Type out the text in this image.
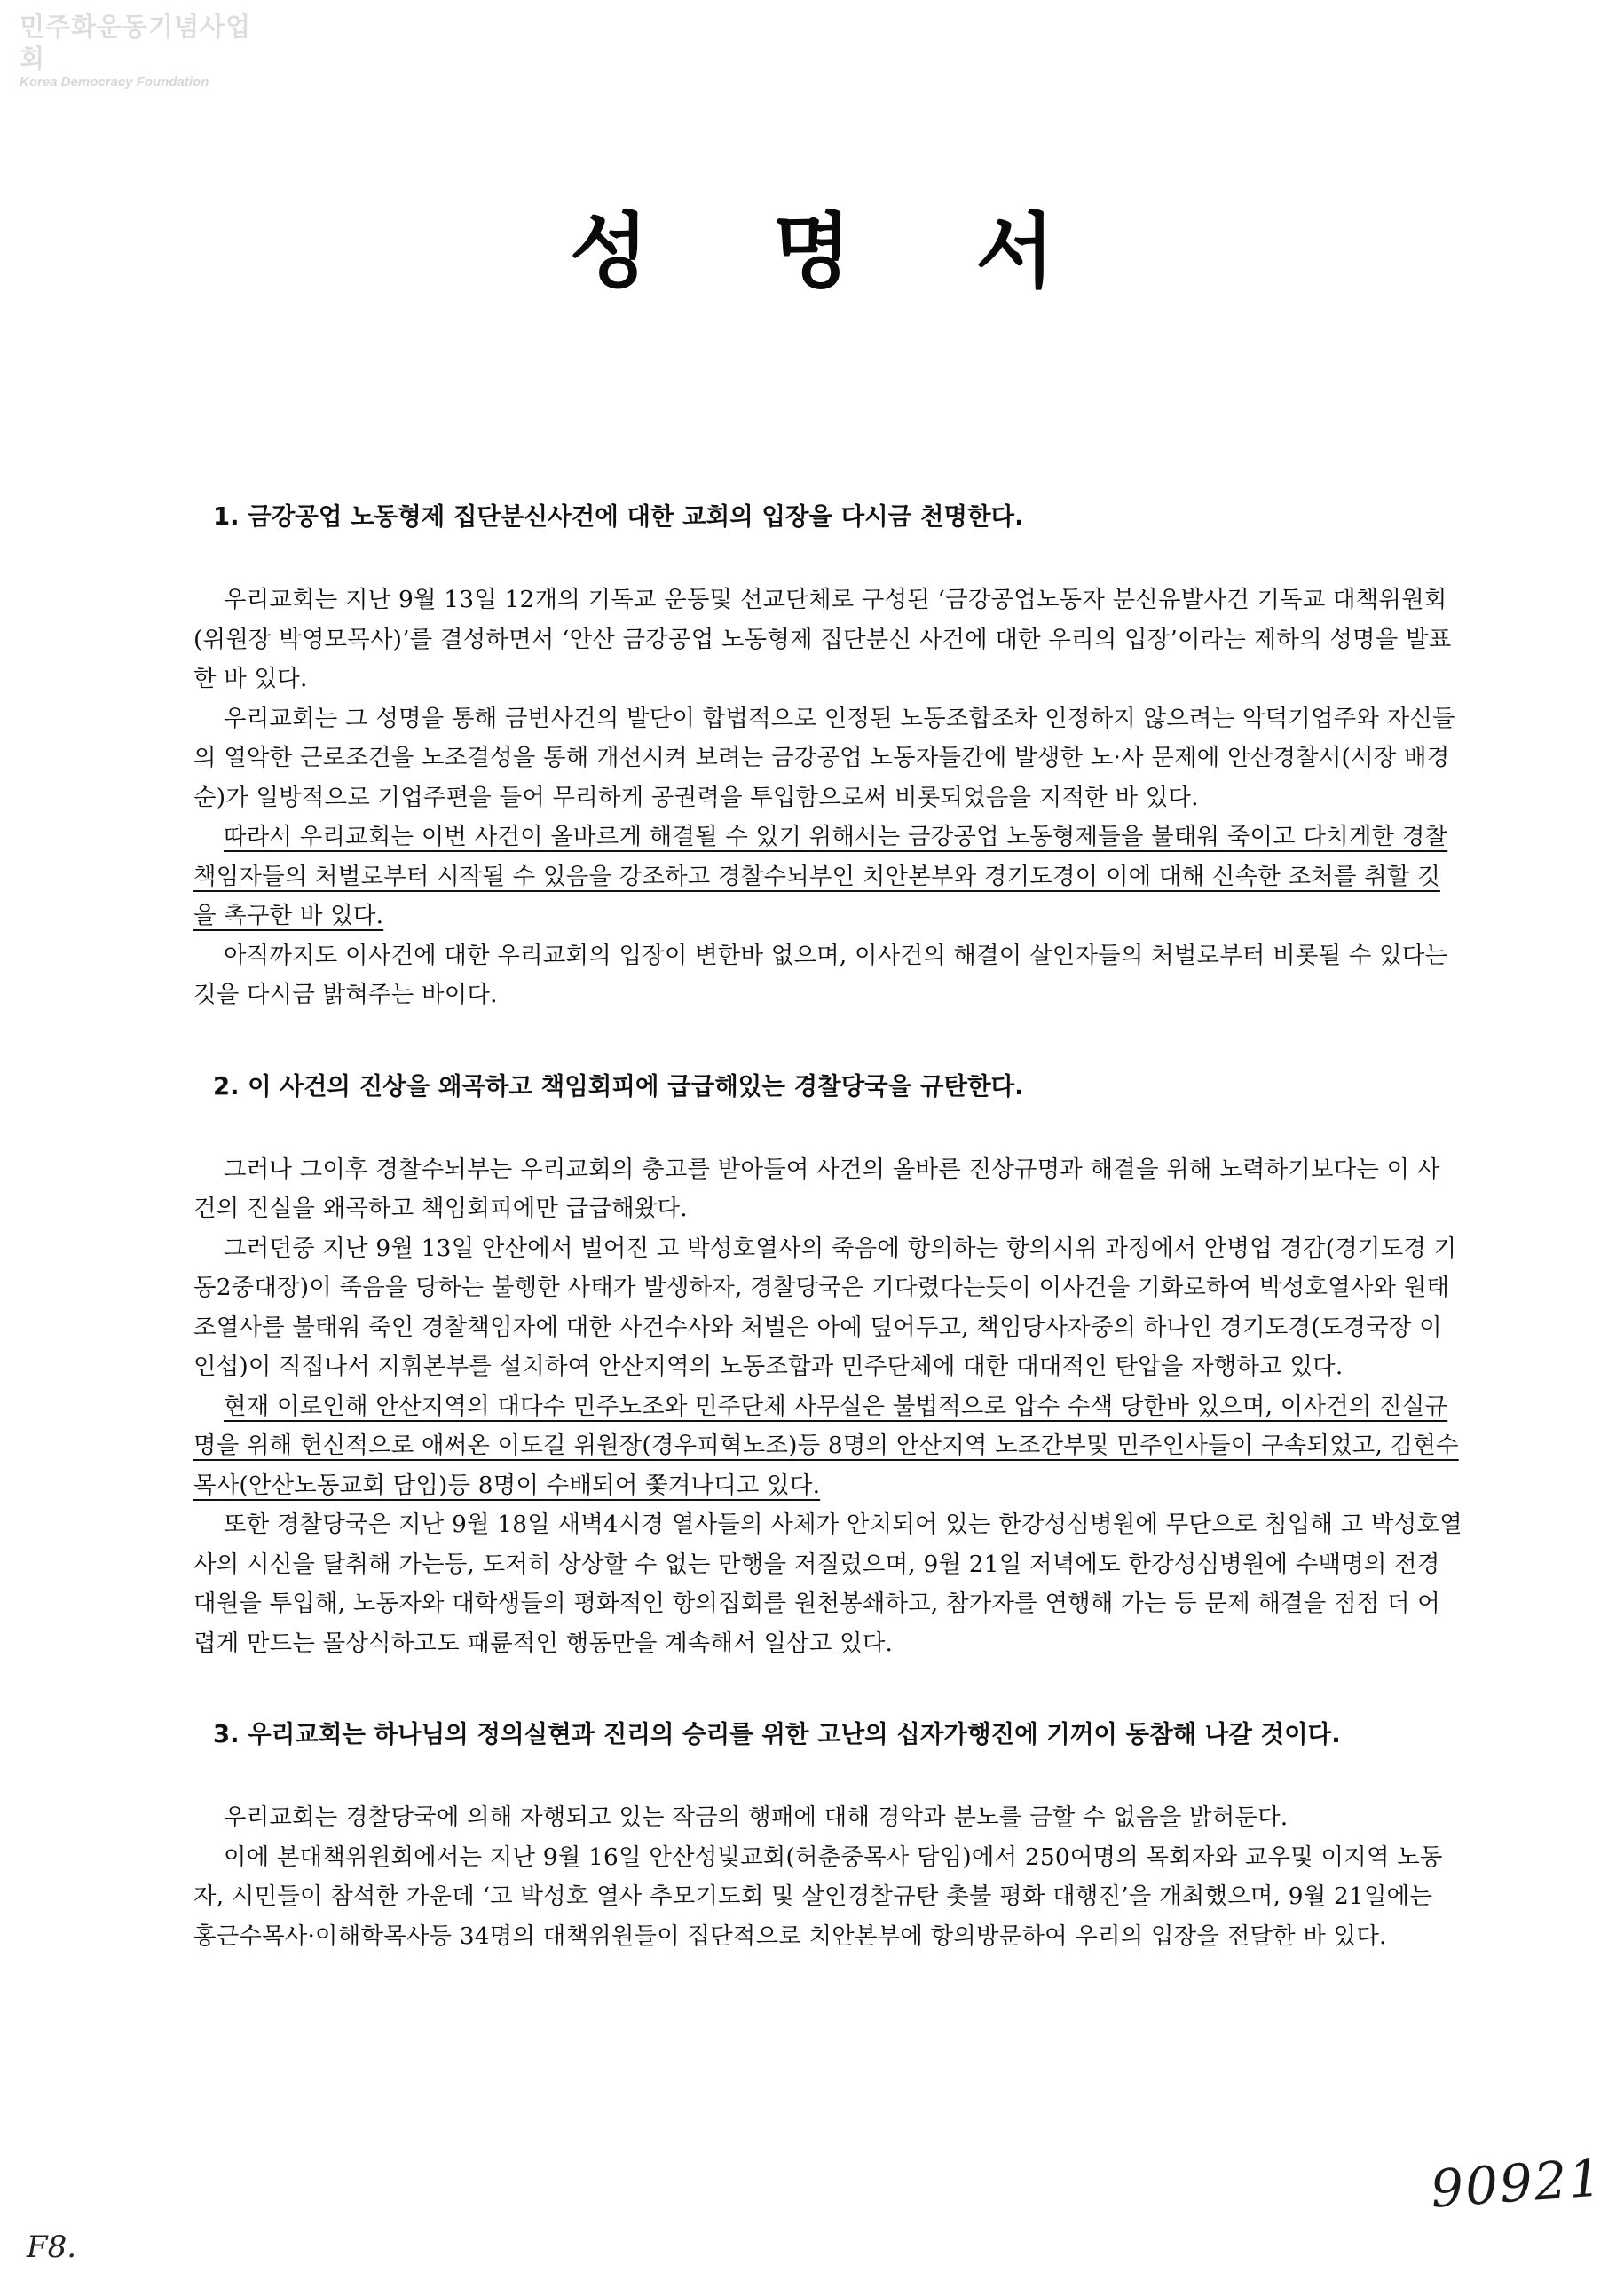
민주화운동기념사업회
Korea Democracy Foundation
성명서
1. 금강공업 노동형제 집단분신사건에 대한 교회의 입장을 다시금 천명한다.

우리교회는 지난 9월 13일 12개의 기독교 운동및 선교단체로 구성된 ‘금강공업노동자 분신유발사건 기독교 대책위원회(위원장 박영모목사)’를 결성하면서 ‘안산 금강공업 노동형제 집단분신 사건에 대한 우리의 입장’이라는 제하의 성명을 발표한 바 있다.

우리교회는 그 성명을 통해 금번사건의 발단이 합법적으로 인정된 노동조합조차 인정하지 않으려는 악덕기업주와 자신들의 열악한 근로조건을 노조결성을 통해 개선시켜 보려는 금강공업 노동자들간에 발생한 노·사 문제에 안산경찰서(서장 배경순)가 일방적으로 기업주편을 들어 무리하게 공권력을 투입함으로써 비롯되었음을 지적한 바 있다.

따라서 우리교회는 이번 사건이 올바르게 해결될 수 있기 위해서는 금강공업 노동형제들을 불태워 죽이고 다치게한 경찰책임자들의 처벌로부터 시작될 수 있음을 강조하고 경찰수뇌부인 치안본부와 경기도경이 이에 대해 신속한 조처를 취할 것을 촉구한 바 있다.

아직까지도 이사건에 대한 우리교회의 입장이 변한바 없으며, 이사건의 해결이 살인자들의 처벌로부터 비롯될 수 있다는 것을 다시금 밝혀주는 바이다.

2. 이 사건의 진상을 왜곡하고 책임회피에 급급해있는 경찰당국을 규탄한다.

그러나 그이후 경찰수뇌부는 우리교회의 충고를 받아들여 사건의 올바른 진상규명과 해결을 위해 노력하기보다는 이 사건의 진실을 왜곡하고 책임회피에만 급급해왔다.

그러던중 지난 9월 13일 안산에서 벌어진 고 박성호열사의 죽음에 항의하는 항의시위 과정에서 안병업 경감(경기도경 기동2중대장)이 죽음을 당하는 불행한 사태가 발생하자, 경찰당국은 기다렸다는듯이 이사건을 기화로하여 박성호열사와 원태조열사를 불태워 죽인 경찰책임자에 대한 사건수사와 처벌은 아예 덮어두고, 책임당사자중의 하나인 경기도경(도경국장 이인섭)이 직접나서 지휘본부를 설치하여 안산지역의 노동조합과 민주단체에 대한 대대적인 탄압을 자행하고 있다.

현재 이로인해 안산지역의 대다수 민주노조와 민주단체 사무실은 불법적으로 압수 수색 당한바 있으며, 이사건의 진실규명을 위해 헌신적으로 애써온 이도길 위원장(경우피혁노조)등 8명의 안산지역 노조간부및 민주인사들이 구속되었고, 김현수목사(안산노동교회 담임)등 8명이 수배되어 쫓겨나디고 있다.

또한 경찰당국은 지난 9월 18일 새벽4시경 열사들의 사체가 안치되어 있는 한강성심병원에 무단으로 침입해 고 박성호열사의 시신을 탈취해 가는등, 도저히 상상할 수 없는 만행을 저질렀으며, 9월 21일 저녁에도 한강성심병원에 수백명의 전경대원을 투입해, 노동자와 대학생들의 평화적인 항의집회를 원천봉쇄하고, 참가자를 연행해 가는 등 문제 해결을 점점 더 어렵게 만드는 몰상식하고도 패륜적인 행동만을 계속해서 일삼고 있다.

3. 우리교회는 하나님의 정의실현과 진리의 승리를 위한 고난의 십자가행진에 기꺼이 동참해 나갈 것이다.

우리교회는 경찰당국에 의해 자행되고 있는 작금의 행패에 대해 경악과 분노를 금할 수 없음을 밝혀둔다.

이에 본대책위원회에서는 지난 9월 16일 안산성빛교회(허춘중목사 담임)에서 250여명의 목회자와 교우및 이지역 노동자, 시민들이 참석한 가운데 ‘고 박성호 열사 추모기도회 및 살인경찰규탄 촛불 평화 대행진’을 개최했으며, 9월 21일에는 홍근수목사·이해학목사등 34명의 대책위원들이 집단적으로 치안본부에 항의방문하여 우리의 입장을 전달한 바 있다.

90921
F8.
